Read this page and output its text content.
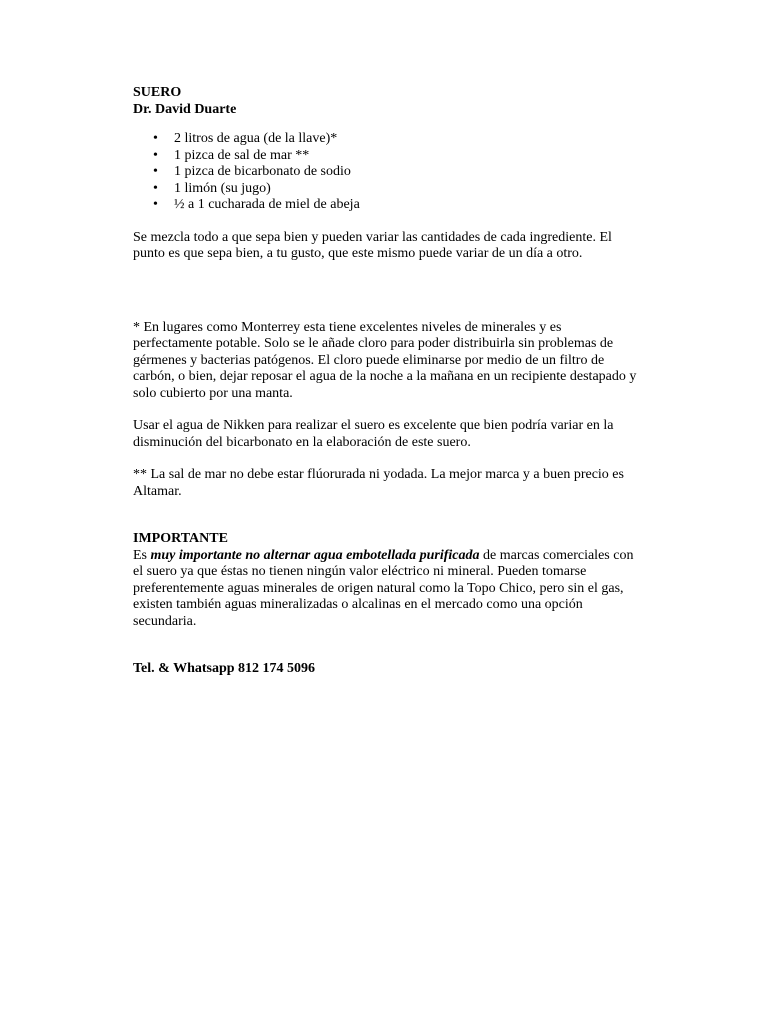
SUERO
Dr. David Duarte
• 2 litros de agua (de la llave)*
• 1 pizca de sal de mar **
• 1 pizca de bicarbonato de sodio
• 1 limón (su jugo)
• ½ a 1 cucharada de miel de abeja

Se mezcla todo a que sepa bien y pueden variar las cantidades de cada ingrediente. El punto es que sepa bien, a tu gusto, que este mismo puede variar de un día a otro.

* En lugares como Monterrey esta tiene excelentes niveles de minerales y es perfectamente potable. Solo se le añade cloro para poder distribuirla sin problemas de gérmenes y bacterias patógenos. El cloro puede eliminarse por medio de un filtro de carbón, o bien, dejar reposar el agua de la noche a la mañana en un recipiente destapado y solo cubierto por una manta.

Usar el agua de Nikken para realizar el suero es excelente que bien podría variar en la disminución del bicarbonato en la elaboración de este suero.

** La sal de mar no debe estar flúorurada ni yodada. La mejor marca y a buen precio es Altamar.

IMPORTANTE

Es muy importante no alternar agua embotellada purificada de marcas comerciales con el suero ya que éstas no tienen ningún valor eléctrico ni mineral. Pueden tomarse preferentemente aguas minerales de origen natural como la Topo Chico, pero sin el gas, existen también aguas mineralizadas o alcalinas en el mercado como una opción secundaria.

Tel. & Whatsapp 812 174 5096
